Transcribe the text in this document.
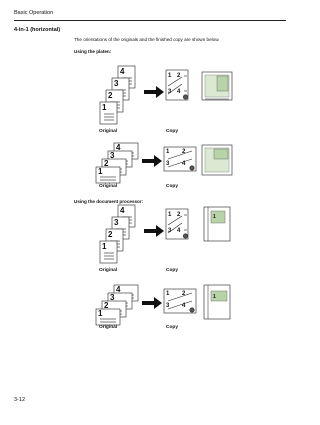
Basic Operation
4-in-1 (horizontal)
The orientations of the originals and the finished copy are shown below.
Using the platen:
4
3
2
1
1 2
3 4
Original	Copy
4
3
2
1
1 2
3 4
Original	Copy
Using the document processor:
4
3
2
1
1 2
3 4
1
Original	Copy
4
3
2
1
1 2
3 4
1
Original	Copy
3-12
